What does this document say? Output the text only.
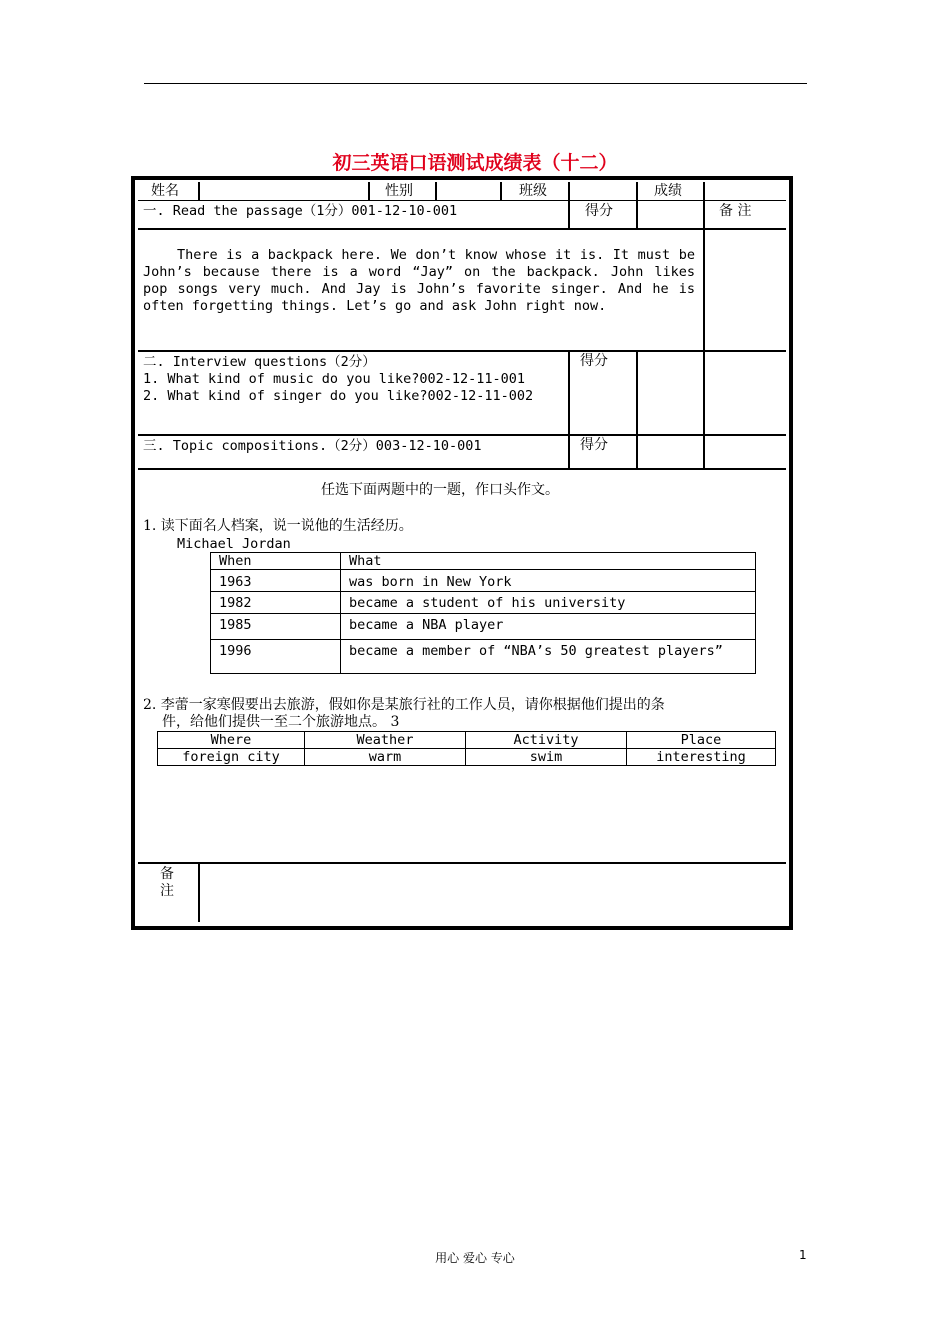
初三英语口语测试成绩表（十二）
姓名	性别	班级	成绩
一. Read the passage（1分）001-12-10-001	得分	备 注
There is a backpack here. We don’t know whose it is. It must be John’s because there is a word “Jay” on the backpack. John likes pop songs very much. And Jay is John’s favorite singer. And he is often forgetting things. Let’s go and ask John right now.
二. Interview questions（2分）
1. What kind of music do you like?002-12-11-001
2. What kind of singer do you like?002-12-11-002
得分
三. Topic compositions.（2分）003-12-10-001	得分
任选下面两题中的一题，作口头作文。
1. 读下面名人档案，说一说他的生活经历。
Michael Jordan
When	What
1963	was born in New York
1982	became a student of his university
1985	became a NBA player
1996	became a member of “NBA’s 50 greatest players”
2. 李蕾一家寒假要出去旅游，假如你是某旅行社的工作人员，请你根据他们提出的条
件，给他们提供一至二个旅游地点。 3
Where	Weather	Activity	Place
foreign city	warm	swim	interesting
备
注
用心 爱心 专心	1
